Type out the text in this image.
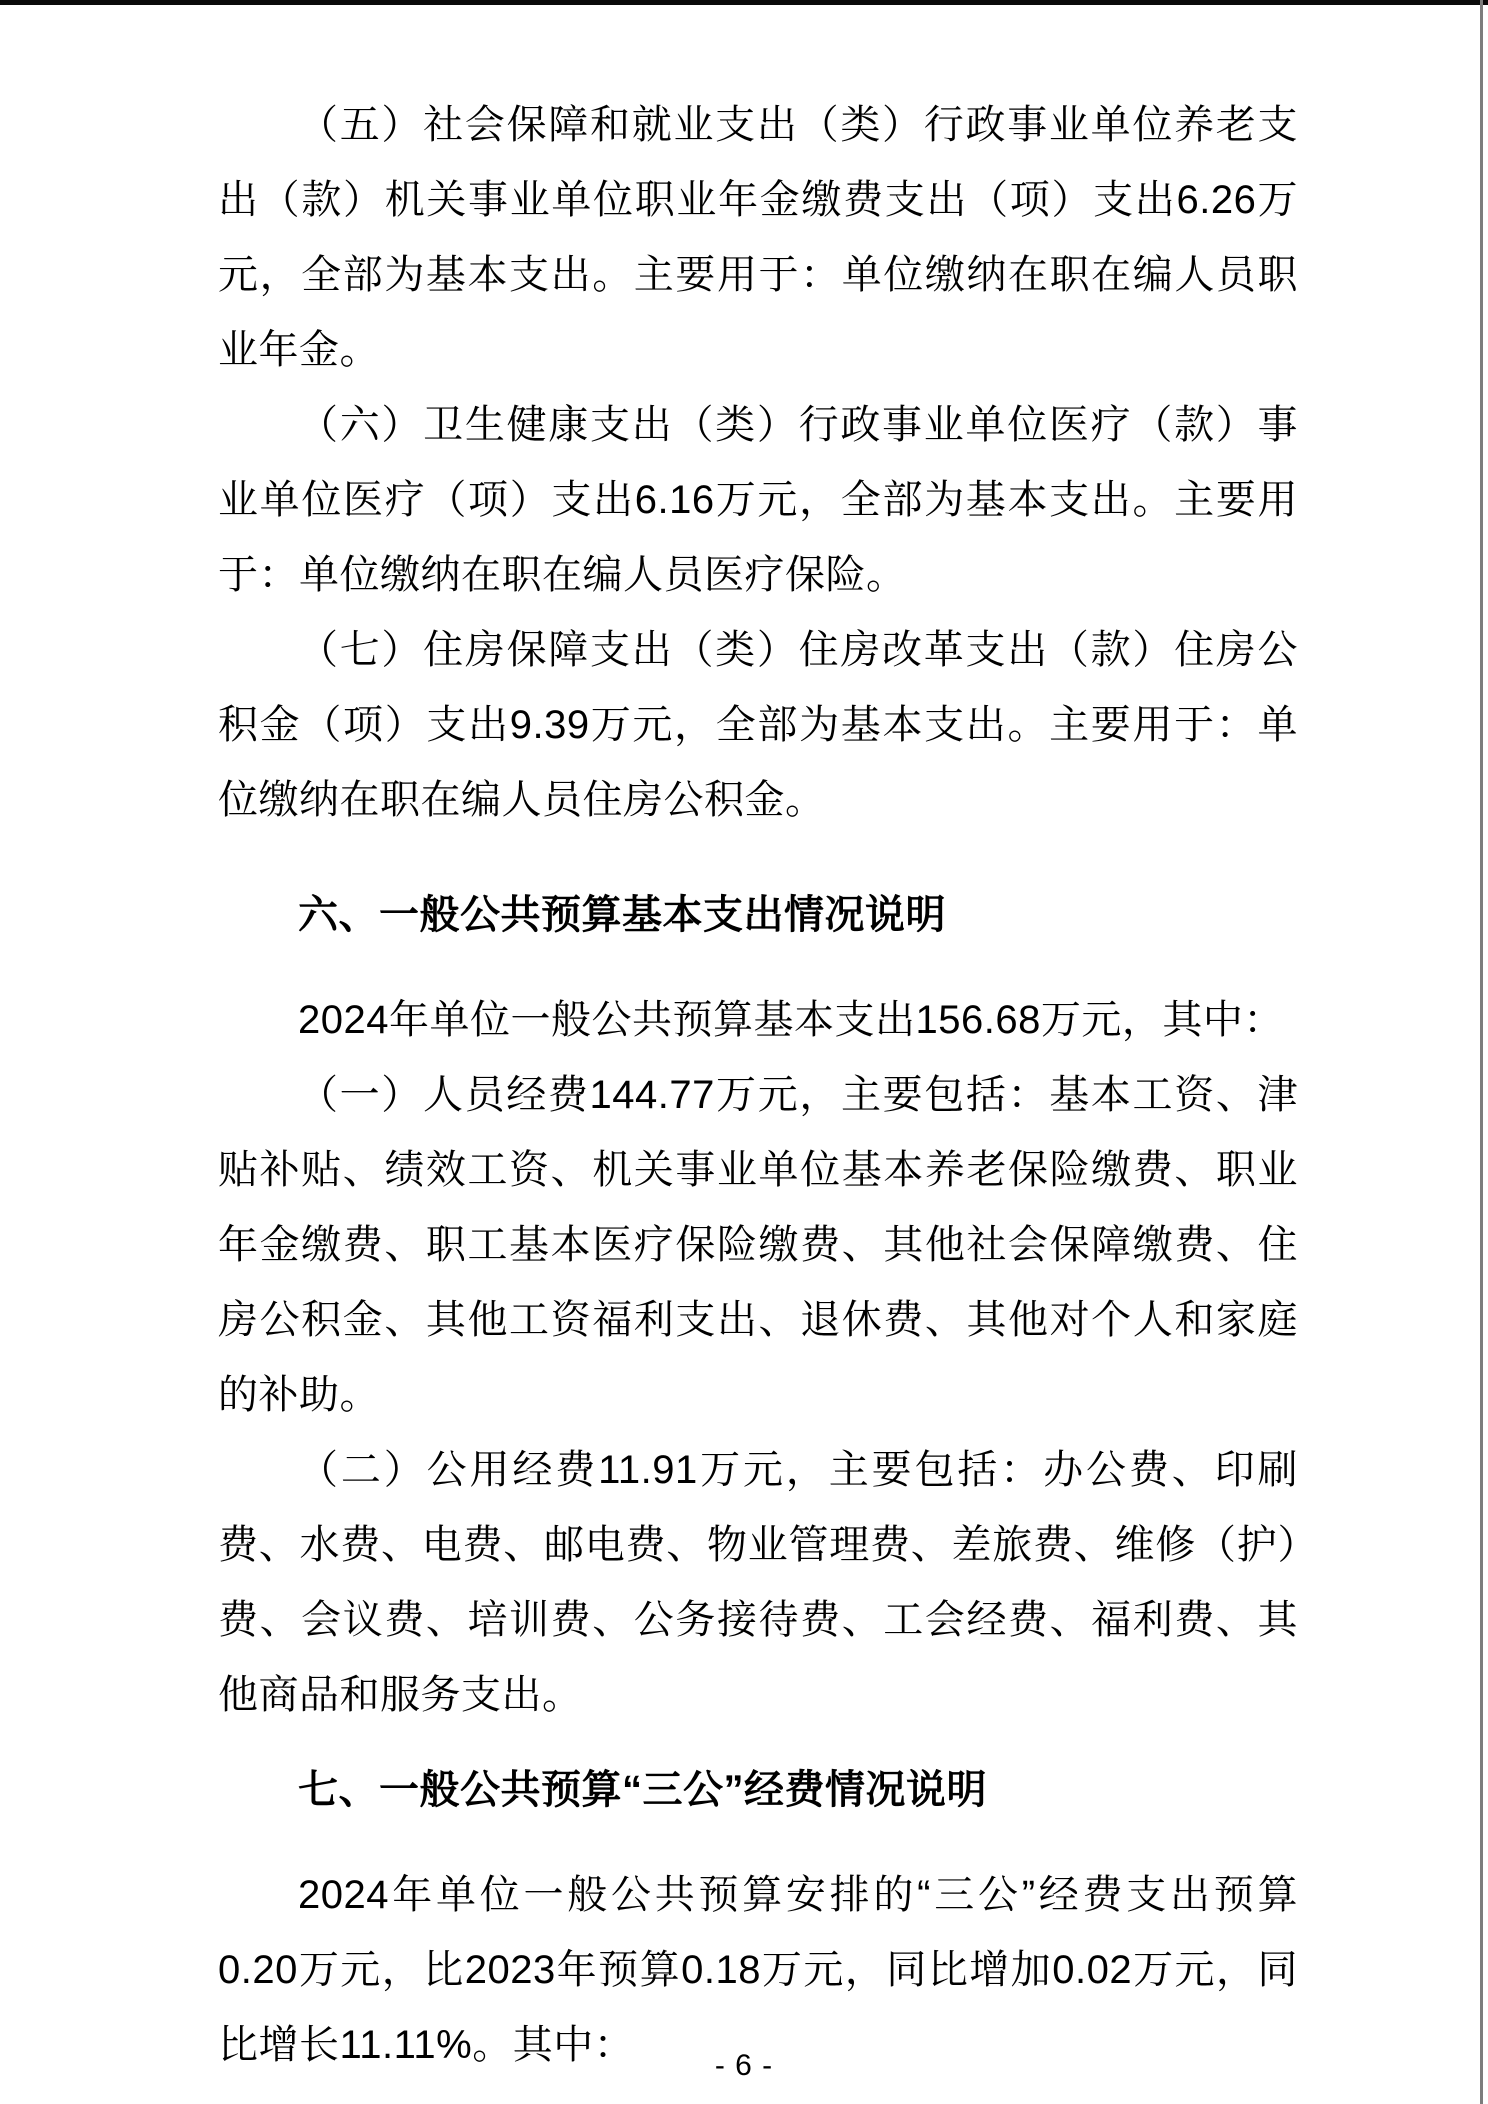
（五）社会保障和就业支出（类）行政事业单位养老支出（款）机关事业单位职业年金缴费支出（项）支出6.26万元，全部为基本支出。主要用于：单位缴纳在职在编人员职业年金。

（六）卫生健康支出（类）行政事业单位医疗（款）事业单位医疗（项）支出6.16万元，全部为基本支出。主要用于：单位缴纳在职在编人员医疗保险。

（七）住房保障支出（类）住房改革支出（款）住房公积金（项）支出9.39万元，全部为基本支出。主要用于：单位缴纳在职在编人员住房公积金。

六、一般公共预算基本支出情况说明

2024年单位一般公共预算基本支出156.68万元，其中：

（一）人员经费144.77万元，主要包括：基本工资、津贴补贴、绩效工资、机关事业单位基本养老保险缴费、职业年金缴费、职工基本医疗保险缴费、其他社会保障缴费、住房公积金、其他工资福利支出、退休费、其他对个人和家庭的补助。

（二）公用经费11.91万元，主要包括：办公费、印刷费、水费、电费、邮电费、物业管理费、差旅费、维修（护）费、会议费、培训费、公务接待费、工会经费、福利费、其他商品和服务支出。

七、一般公共预算“三公”经费情况说明

2024年单位一般公共预算安排的“三公”经费支出预算0.20万元，比2023年预算0.18万元，同比增加0.02万元，同比增长11.11%。其中：	- 6 -
